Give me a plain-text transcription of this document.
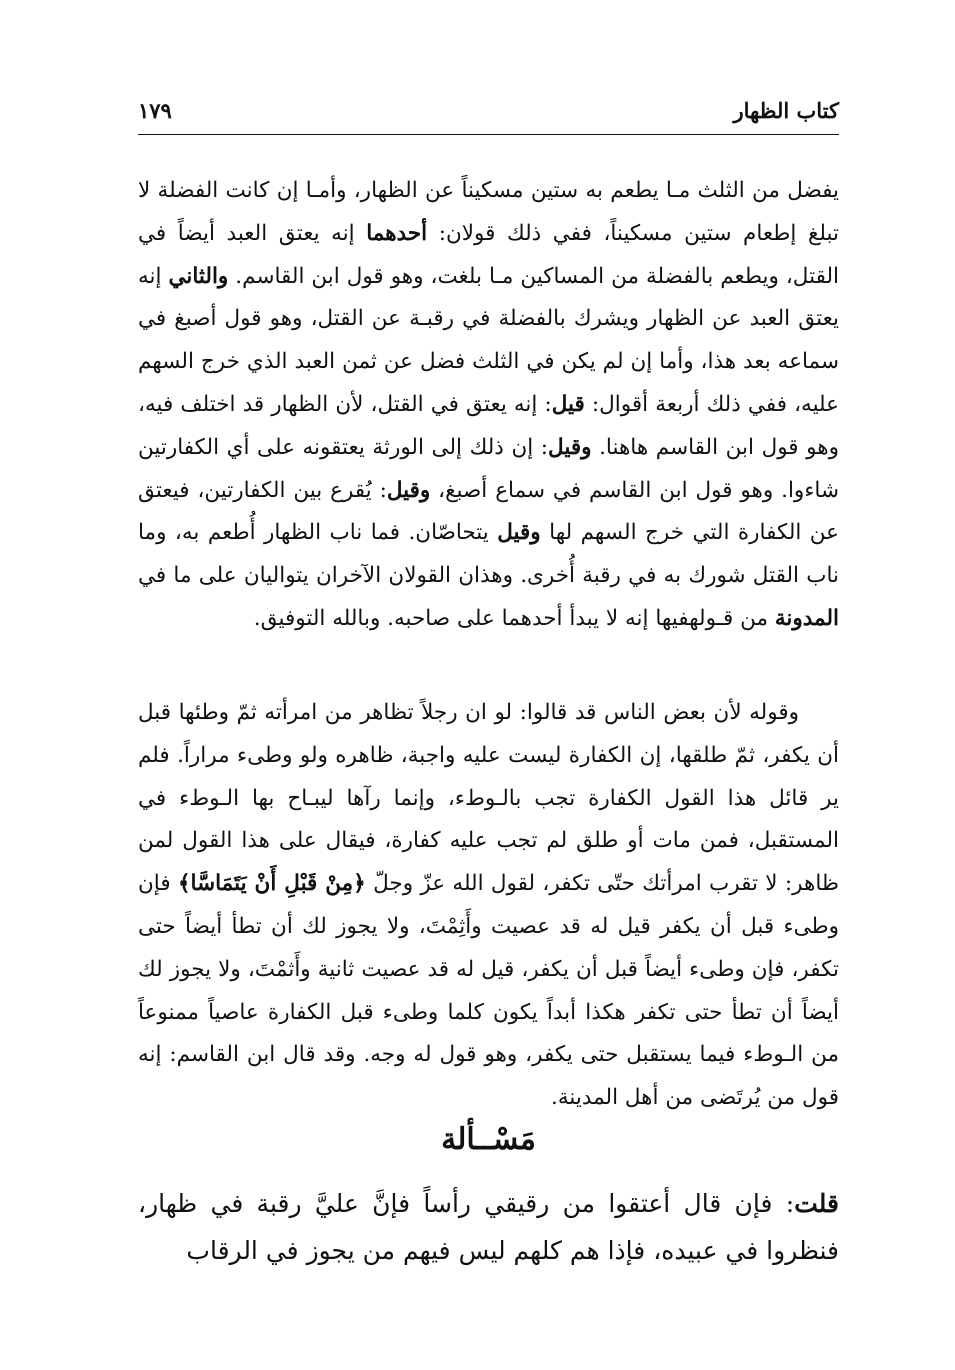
كتاب الظهار
١٧٩

يفضل من الثلث مـا يطعم به ستين مسكيناً عن الظهار، وأمـا إن كانت الفضلة لا تبلغ إطعام ستين مسكيناً، ففي ذلك قولان: أحدهما إنه يعتق العبد أيضاً في القتل، ويطعم بالفضلة من المساكين مـا بلغت، وهو قول ابن القاسم. والثاني إنه يعتق العبد عن الظهار ويشرك بالفضلة في رقبـة عن القتل، وهو قول أصبغ في سماعه بعد هذا، وأما إن لم يكن في الثلث فضل عن ثمن العبد الذي خرج السهم عليه، ففي ذلك أربعة أقوال: قيل: إنه يعتق في القتل، لأن الظهار قد اختلف فيه، وهو قول ابن القاسم هاهنا. وقيل: إن ذلك إلى الورثة يعتقونه على أي الكفارتين شاءوا. وهو قول ابن القاسم في سماع أصبغ، وقيل: يُقرع بين الكفارتين، فيعتق عن الكفارة التي خرج السهم لها وقيل يتحاصّان. فما ناب الظهار أُطعم به، وما ناب القتل شورك به في رقبة أُخرى. وهذان القولان الآخران يتواليان على ما في المدونة من قـولهفيها إنه لا يبدأ أحدهما على صاحبه. وبالله التوفيق.

وقوله لأن بعض الناس قد قالوا: لو ان رجلاً تظاهر من امرأته ثمّ وطئها قبل أن يكفر، ثمّ طلقها، إن الكفارة ليست عليه واجبة، ظاهره ولو وطىء مراراً. فلم ير قائل هذا القول الكفارة تجب بالـوطء، وإنما رآها ليبـاح بها الـوطء في المستقبل، فمن مات أو طلق لم تجب عليه كفارة، فيقال على هذا القول لمن ظاهر: لا تقرب امرأتك حتّى تكفر، لقول الله عزّ وجلّ ﴿مِنْ قَبْلِ أَنْ يَتَمَاسَّا﴾ فإن وطىء قبل أن يكفر قيل له قد عصيت وأَثِمْتَ، ولا يجوز لك أن تطأ أيضاً حتى تكفر، فإن وطىء أيضاً قبل أن يكفر، قيل له قد عصيت ثانية وأَثمْتَ، ولا يجوز لك أيضاً أن تطأ حتى تكفر هكذا أبداً يكون كلما وطىء قبل الكفارة عاصياً ممنوعاً من الـوطء فيما يستقبل حتى يكفر، وهو قول له وجه. وقد قال ابن القاسم: إنه قول من يُرتَضى من أهل المدينة.

مَسْــألة

قلت: فإن قال أعتقوا من رقيقي رأساً فإنَّ عليَّ رقبة في ظهار، فنظروا في عبيده، فإذا هم كلهم ليس فيهم من يجوز في الرقاب
